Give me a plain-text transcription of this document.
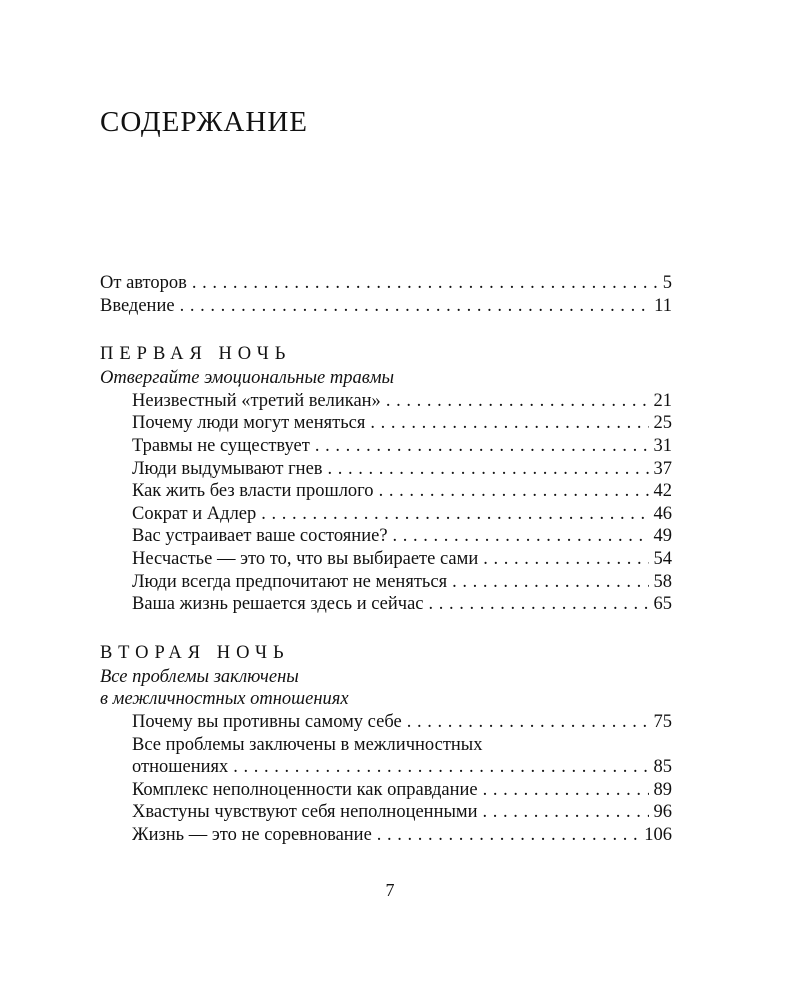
СОДЕРЖАНИЕ
От авторов . . .	5
Введение . . .	11
ПЕРВАЯ НОЧЬ
Отвергайте эмоциональные травмы
Неизвестный «третий великан» . . .	21
Почему люди могут меняться . . .	25
Травмы не существует . . .	31
Люди выдумывают гнев . . .	37
Как жить без власти прошлого . . .	42
Сократ и Адлер . . .	46
Вас устраивает ваше состояние? . . .	49
Несчастье — это то, что вы выбираете сами . . .	54
Люди всегда предпочитают не меняться . . .	58
Ваша жизнь решается здесь и сейчас . . .	65
ВТОРАЯ НОЧЬ
Все проблемы заключены
в межличностных отношениях
Почему вы противны самому себе . . .	75
Все проблемы заключены в межличностных
отношениях . . .	85
Комплекс неполноценности как оправдание . . .	89
Хвастуны чувствуют себя неполноценными . . .	96
Жизнь — это не соревнование . . .	106
7
